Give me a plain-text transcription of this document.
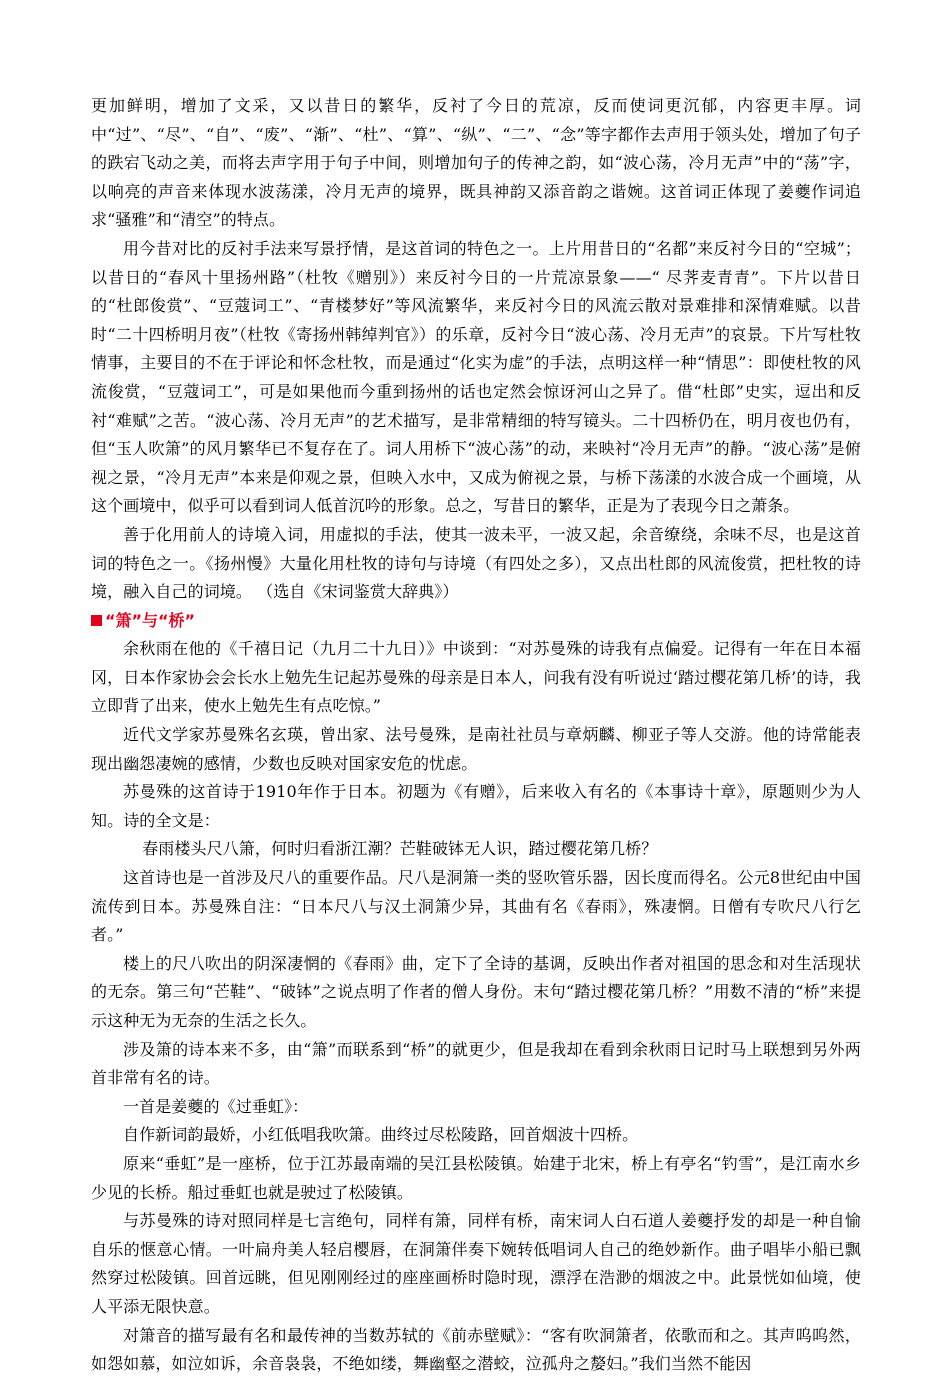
更加鲜明，增加了文采，又以昔日的繁华，反衬了今日的荒凉，反而使词更沉郁，内容更丰厚。词中“过”、“尽”、“自”、“废”、“渐”、“杜”、“算”、“纵”、“二”、“念”等字都作去声用于领头处，增加了句子的跌宕飞动之美，而将去声字用于句子中间，则增加句子的传神之韵，如“波心荡，冷月无声”中的“荡”字，以响亮的声音来体现水波荡漾，冷月无声的境界，既具神韵又添音韵之谐婉。这首词正体现了姜夔作词追求“骚雅”和“清空”的特点。

用今昔对比的反衬手法来写景抒情，是这首词的特色之一。上片用昔日的“名都”来反衬今日的“空城”；以昔日的“春风十里扬州路”（杜牧《赠别》）来反衬今日的一片荒凉景象——“ 尽荠麦青青”。下片以昔日的“杜郎俊赏”、“豆蔻词工”、“青楼梦好”等风流繁华，来反衬今日的风流云散对景难排和深情难赋。以昔时“二十四桥明月夜”（杜牧《寄扬州韩绰判官》）的乐章，反衬今日“波心荡、冷月无声”的哀景。下片写杜牧情事，主要目的不在于评论和怀念杜牧，而是通过“化实为虚”的手法，点明这样一种“情思”：即使杜牧的风流俊赏，“豆蔻词工”，可是如果他而今重到扬州的话也定然会惊讶河山之异了。借“杜郎”史实，逗出和反衬“难赋”之苦。“波心荡、冷月无声”的艺术描写，是非常精细的特写镜头。二十四桥仍在，明月夜也仍有，但“玉人吹箫”的风月繁华已不复存在了。词人用桥下“波心荡”的动，来映衬“冷月无声”的静。“波心荡”是俯视之景，“冷月无声”本来是仰观之景，但映入水中，又成为俯视之景，与桥下荡漾的水波合成一个画境，从这个画境中，似乎可以看到词人低首沉吟的形象。总之，写昔日的繁华，正是为了表现今日之萧条。

善于化用前人的诗境入词，用虚拟的手法，使其一波未平，一波又起，余音缭绕，余味不尽，也是这首词的特色之一。《扬州慢》大量化用杜牧的诗句与诗境（有四处之多），又点出杜郎的风流俊赏，把杜牧的诗境，融入自己的词境。 （选自《宋词鉴赏大辞典》）

“箫”与“桥”

余秋雨在他的《千禧日记（九月二十九日）》中谈到：“对苏曼殊的诗我有点偏爱。记得有一年在日本福冈，日本作家协会会长水上勉先生记起苏曼殊的母亲是日本人，问我有没有听说过‘踏过樱花第几桥’的诗，我立即背了出来，使水上勉先生有点吃惊。”

近代文学家苏曼殊名玄瑛，曾出家、法号曼殊，是南社社员与章炳麟、柳亚子等人交游。他的诗常能表现出幽怨凄婉的感情，少数也反映对国家安危的忧虑。

苏曼殊的这首诗于1910年作于日本。初题为《有赠》，后来收入有名的《本事诗十章》，原题则少为人知。诗的全文是：

春雨楼头尺八箫，何时归看浙江潮？芒鞋破钵无人识，踏过樱花第几桥？

这首诗也是一首涉及尺八的重要作品。尺八是洞箫一类的竖吹管乐器，因长度而得名。公元8世纪由中国流传到日本。苏曼殊自注：“日本尺八与汉土洞箫少异，其曲有名《春雨》，殊凄惘。日僧有专吹尺八行乞者。”

楼上的尺八吹出的阴深凄惘的《春雨》曲，定下了全诗的基调，反映出作者对祖国的思念和对生活现状的无奈。第三句“芒鞋”、“破钵”之说点明了作者的僧人身份。末句“踏过樱花第几桥？”用数不清的“桥”来提示这种无为无奈的生活之长久。

涉及箫的诗本来不多，由“箫”而联系到“桥”的就更少，但是我却在看到余秋雨日记时马上联想到另外两首非常有名的诗。

一首是姜夔的《过垂虹》：

自作新词韵最娇，小红低唱我吹箫。曲终过尽松陵路，回首烟波十四桥。

原来“垂虹”是一座桥，位于江苏最南端的吴江县松陵镇。始建于北宋，桥上有亭名“钓雪”，是江南水乡少见的长桥。船过垂虹也就是驶过了松陵镇。

与苏曼殊的诗对照同样是七言绝句，同样有箫，同样有桥，南宋词人白石道人姜夔抒发的却是一种自愉自乐的惬意心情。一叶扁舟美人轻启樱唇，在洞箫伴奏下婉转低唱词人自己的绝妙新作。曲子唱毕小船已飘然穿过松陵镇。回首远眺，但见刚刚经过的座座画桥时隐时现，漂浮在浩渺的烟波之中。此景恍如仙境，使人平添无限快意。

对箫音的描写最有名和最传神的当数苏轼的《前赤壁赋》：“客有吹洞箫者，依歌而和之。其声呜呜然，如怨如慕，如泣如诉，余音袅袅，不绝如缕，舞幽壑之潜蛟，泣孤舟之嫠妇。”我们当然不能因
